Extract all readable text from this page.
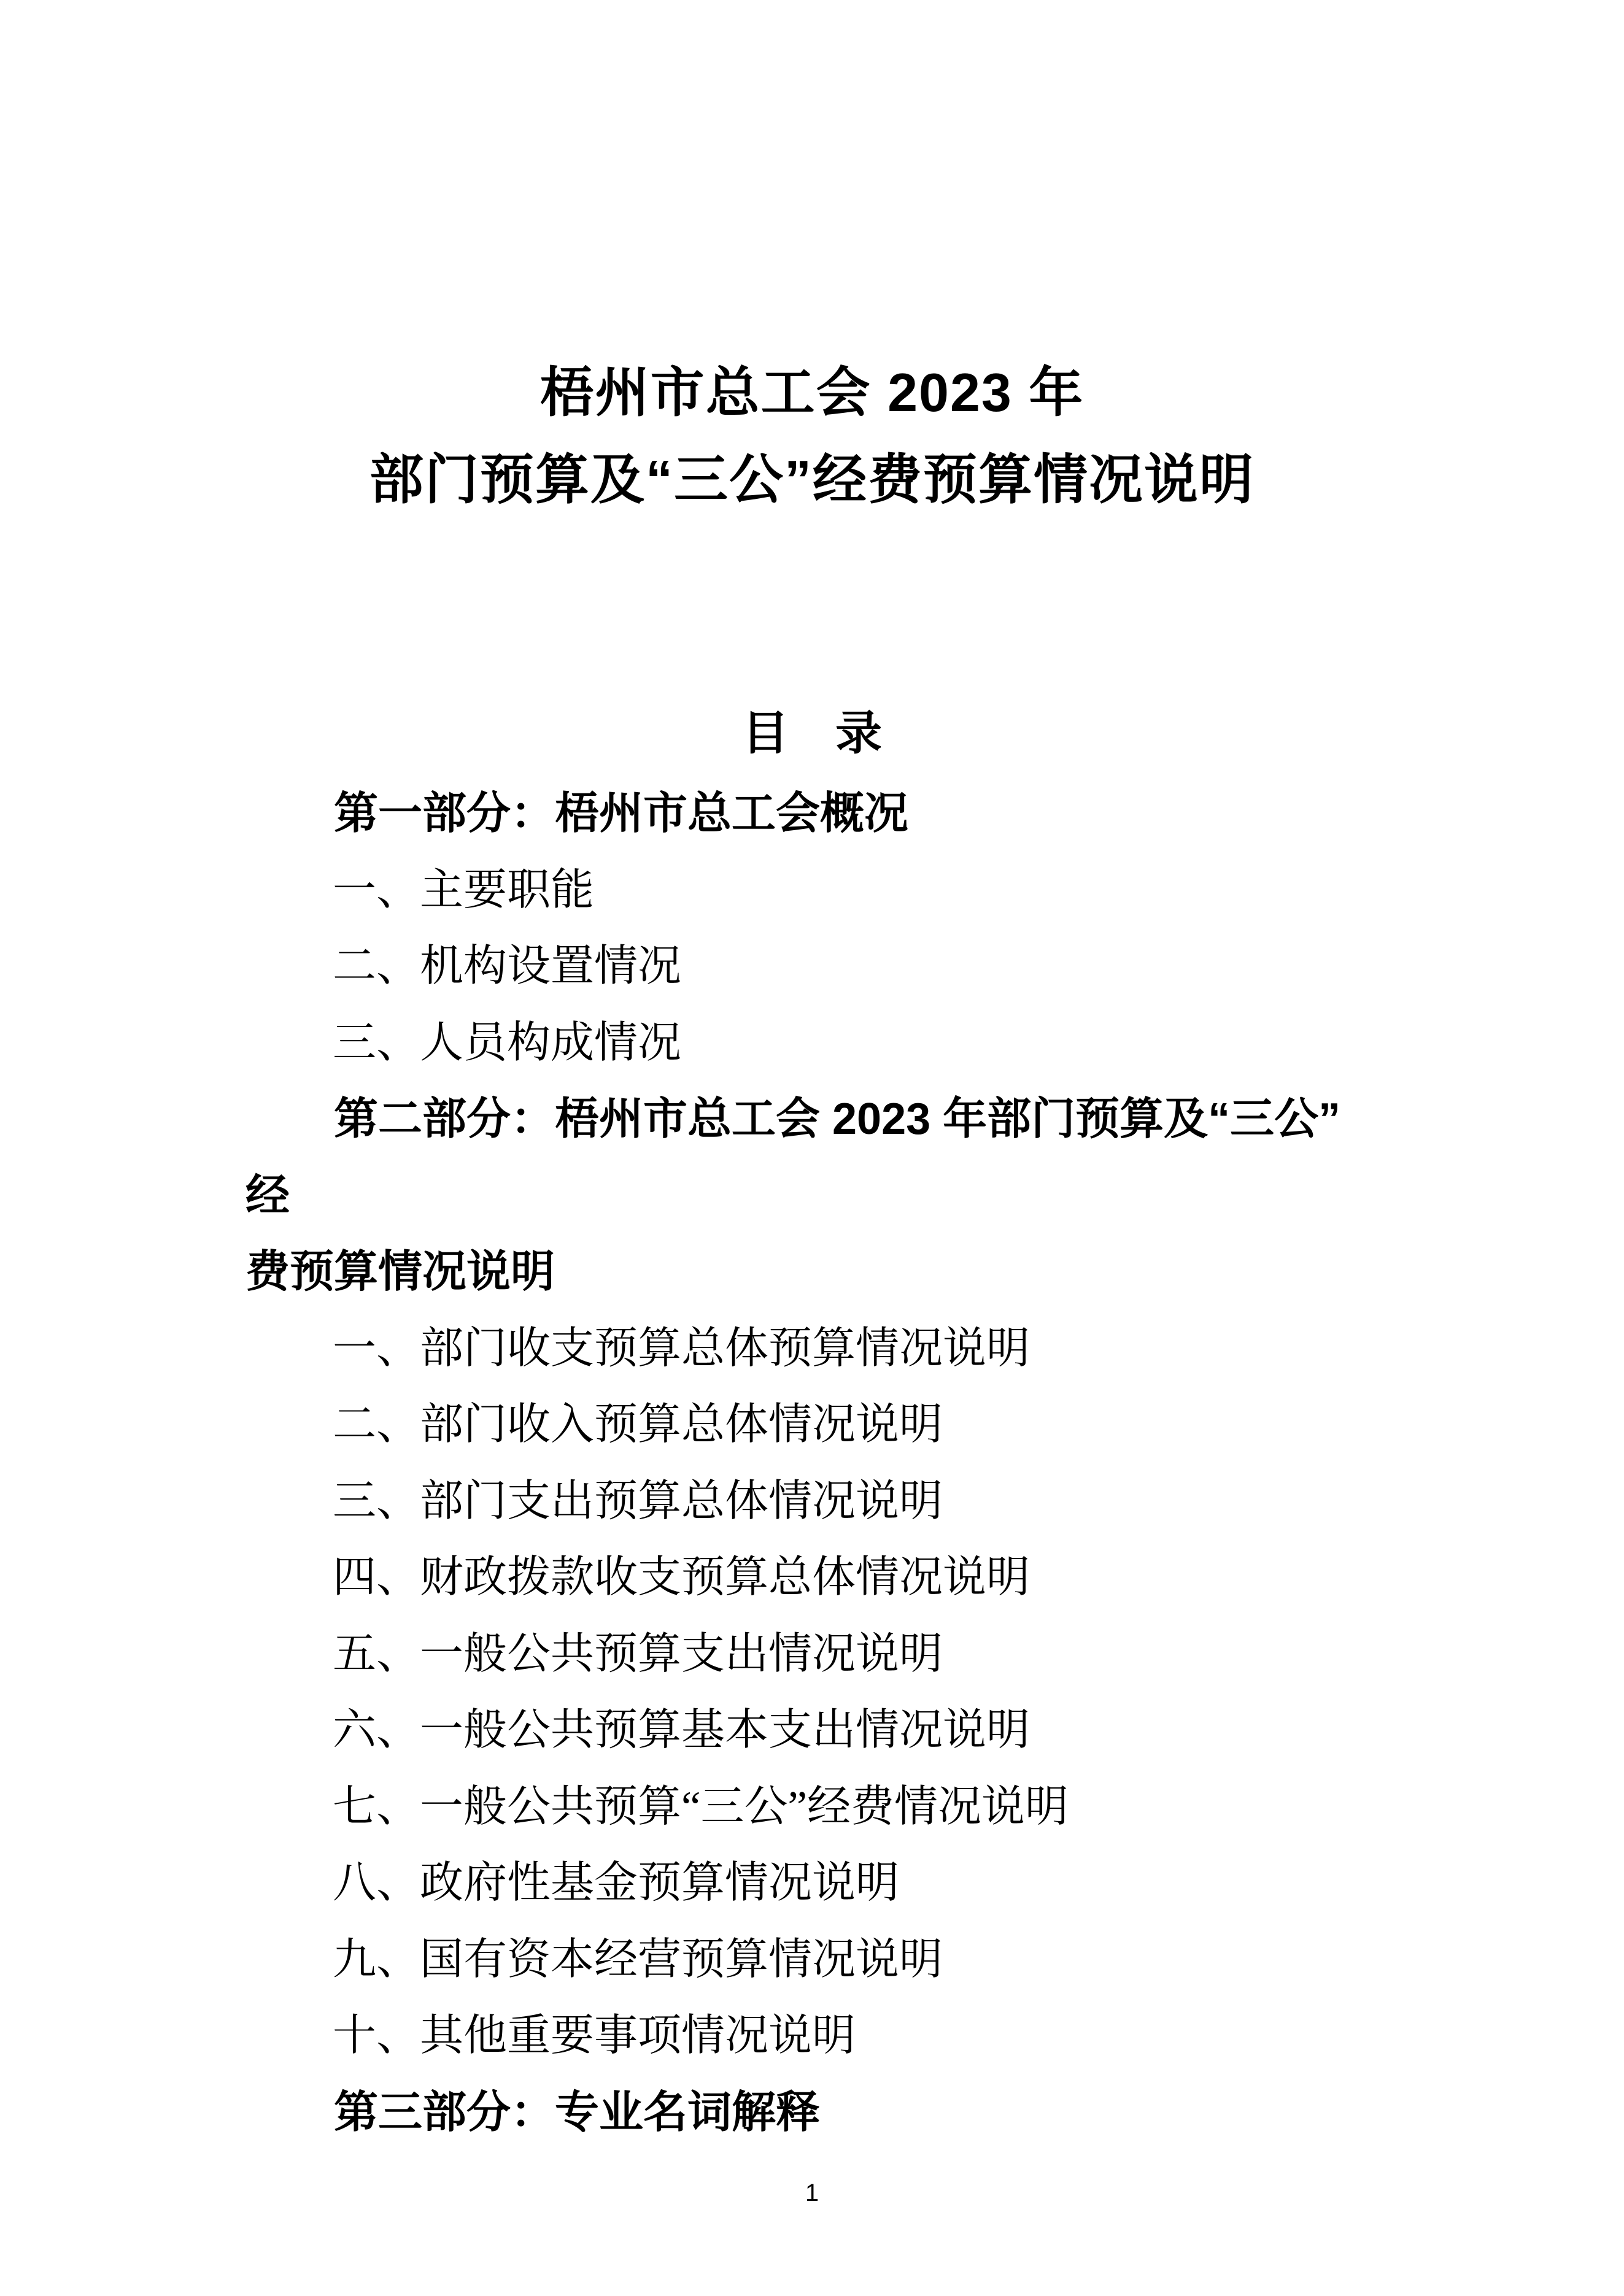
梧州市总工会 2023 年
部门预算及“三公”经费预算情况说明
目　录

第一部分：梧州市总工会概况

一、主要职能

二、机构设置情况

三、人员构成情况

第二部分：梧州市总工会 2023 年部门预算及“三公”经

费预算情况说明

一、部门收支预算总体预算情况说明

二、部门收入预算总体情况说明

三、部门支出预算总体情况说明

四、财政拨款收支预算总体情况说明

五、一般公共预算支出情况说明

六、一般公共预算基本支出情况说明

七、一般公共预算“三公”经费情况说明

八、政府性基金预算情况说明

九、国有资本经营预算情况说明

十、其他重要事项情况说明

第三部分：专业名词解释

1
